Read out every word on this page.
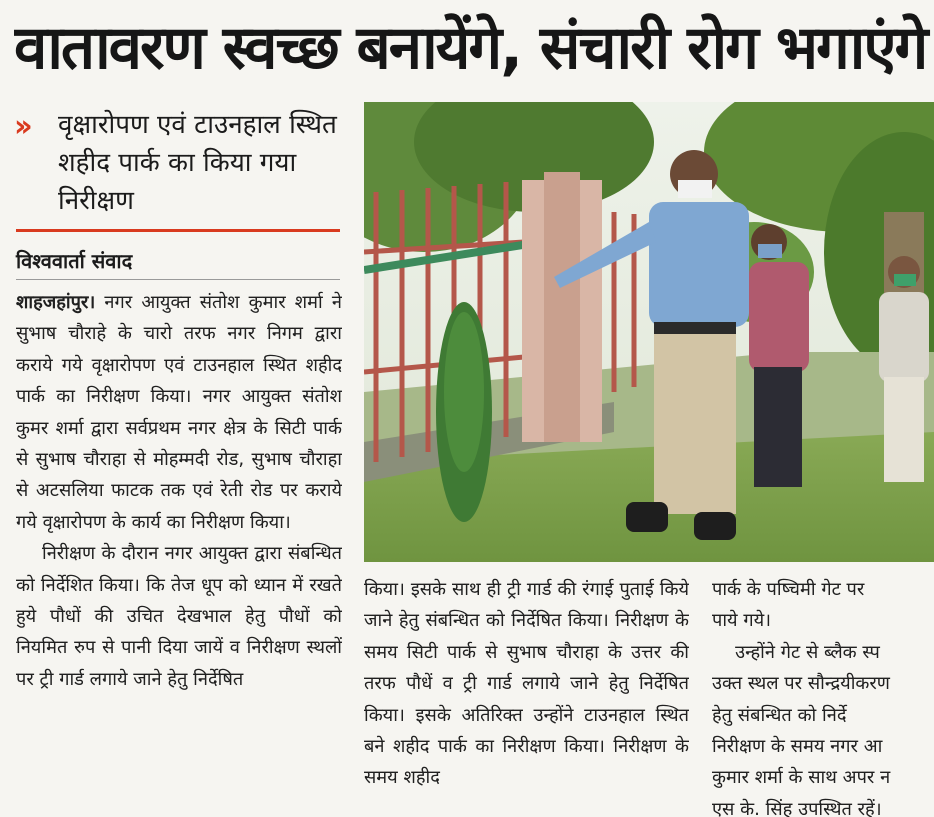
वातावरण स्वच्छ बनायेंगे, संचारी रोग भगाएंगे
›› वृक्षारोपण एवं टाउनहाल स्थित शहीद पार्क का किया गया निरीक्षण
विश्ववार्ता संवाद

शाहजहांपुर। नगर आयुक्त संतोश कुमार शर्मा ने सुभाष चौराहे के चारो तरफ नगर निगम द्वारा कराये गये वृक्षारोपण एवं टाउनहाल स्थित शहीद पार्क का निरीक्षण किया। नगर आयुक्त संतोश कुमर शर्मा द्वारा सर्वप्रथम नगर क्षेत्र के सिटी पार्क से सुभाष चौराहा से मोहम्मदी रोड, सुभाष चौराहा से अटसलिया फाटक तक एवं रेती रोड पर कराये गये वृक्षारोपण के कार्य का निरीक्षण किया।

निरीक्षण के दौरान नगर आयुक्त द्वारा संबन्धित को निर्देशित किया। कि तेज धूप को ध्यान में रखते हुये पौधों की उचित देखभाल हेतु पौधों को नियमित रुप से पानी दिया जायें व निरीक्षण स्थलों पर ट्री गार्ड लगाये जाने हेतु निर्देषित

किया। इसके साथ ही ट्री गार्ड की रंगाई पुताई किये जाने हेतु संबन्धित को निर्देषित किया। निरीक्षण के समय सिटी पार्क से सुभाष चौराहा के उत्तर की तरफ पौधें व ट्री गार्ड लगाये जाने हेतु निर्देषित किया। इसके अतिरिक्त उन्होंने टाउनहाल स्थित बने शहीद पार्क का निरीक्षण किया। निरीक्षण के समय शहीद

पार्क के पष्चिमी गेट पर
पाये गये।
उन्होंने गेट से ब्लैक स्प
उक्त स्थल पर सौन्द्रयीकरण
हेतु संबन्धित को निर्दे
निरीक्षण के समय नगर आ
कुमार शर्मा के साथ अपर न
एस के. सिंह उपस्थित रहें।
